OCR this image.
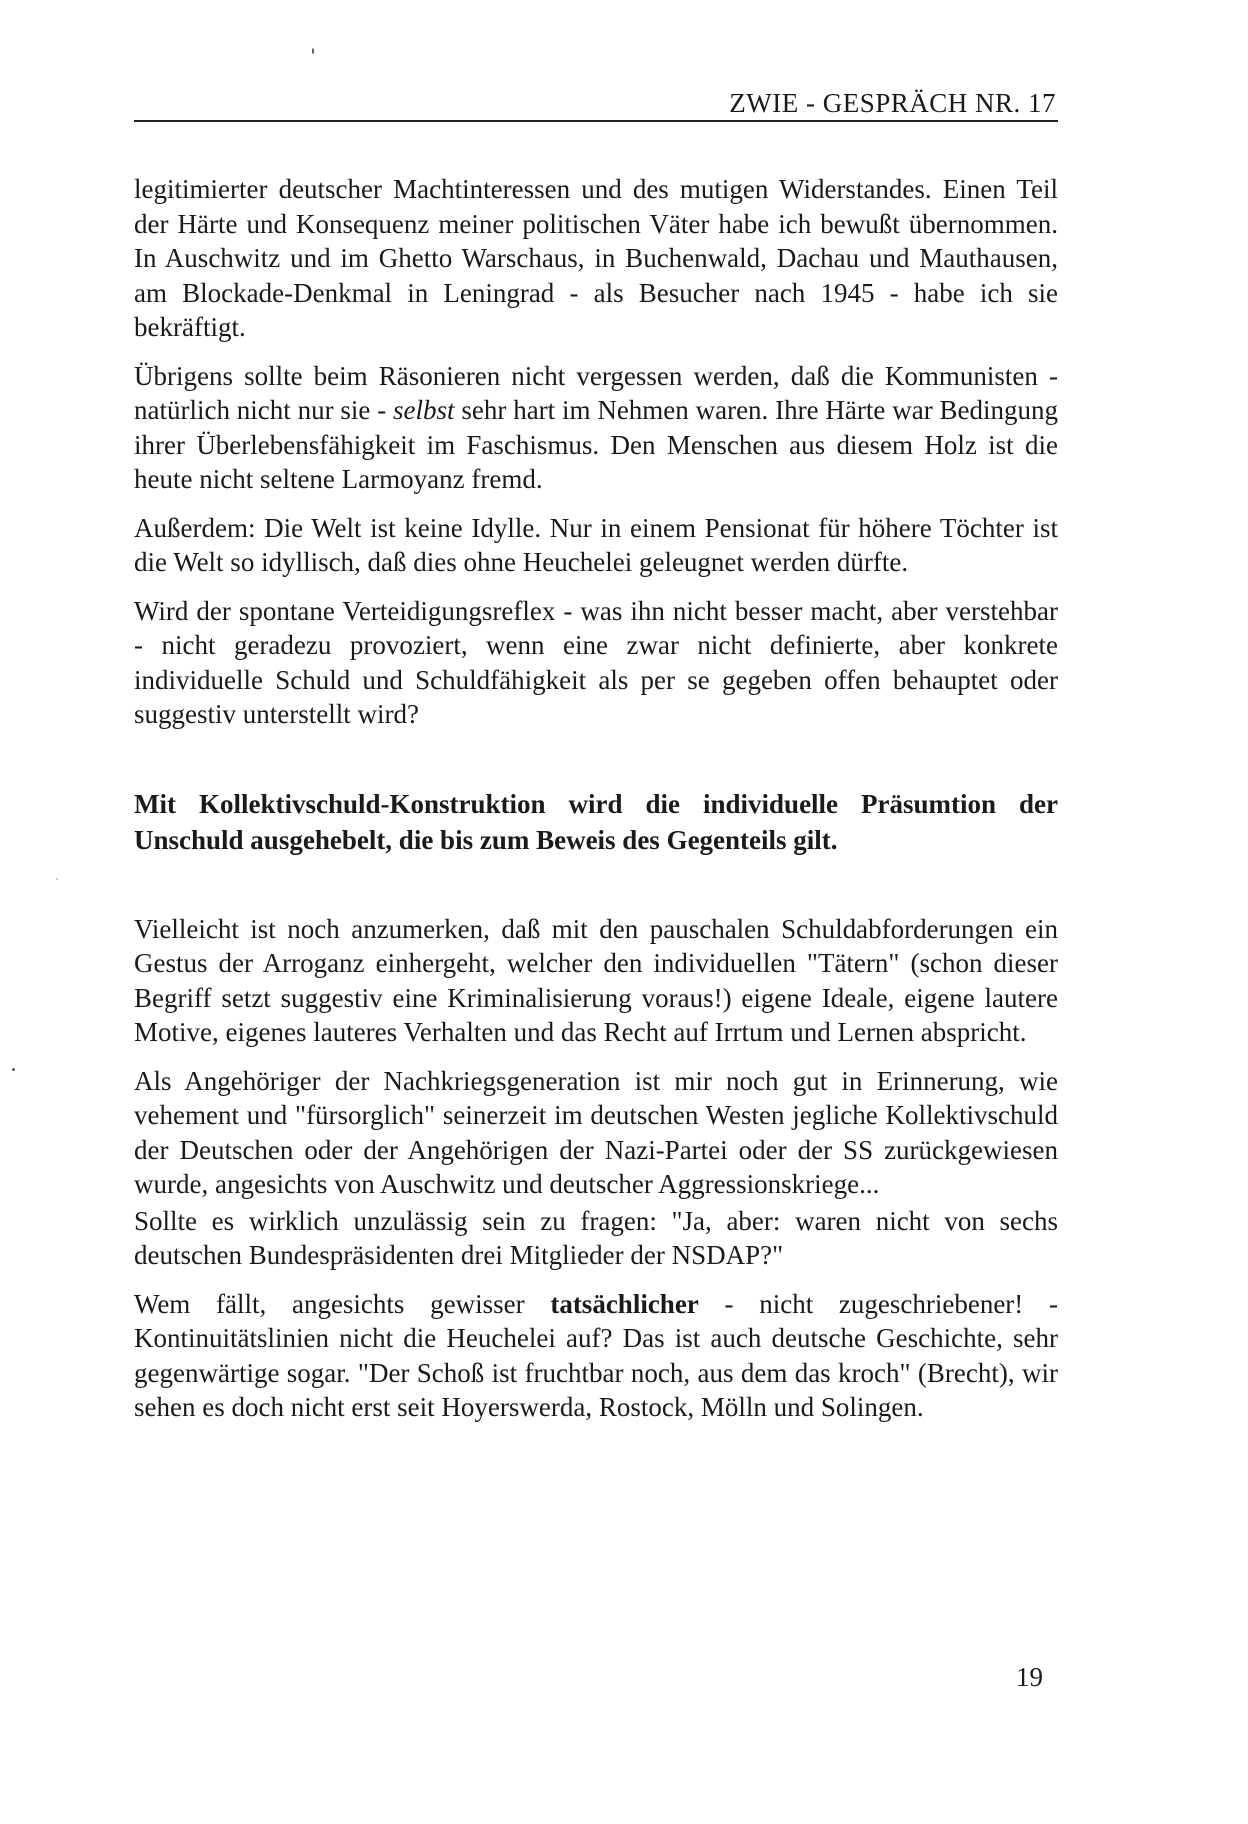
ZWIE - GESPRÄCH NR. 17

legitimierter deutscher Machtinteressen und des mutigen Widerstandes. Einen Teil der Härte und Konsequenz meiner politischen Väter habe ich bewußt übernommen. In Auschwitz und im Ghetto Warschaus, in Buchenwald, Dachau und Mauthausen, am Blockade-Denkmal in Leningrad - als Besucher nach 1945 - habe ich sie bekräftigt.

Übrigens sollte beim Räsonieren nicht vergessen werden, daß die Kommunisten - natürlich nicht nur sie - selbst sehr hart im Nehmen waren. Ihre Härte war Bedingung ihrer Überlebensfähigkeit im Faschismus. Den Menschen aus diesem Holz ist die heute nicht seltene Larmoyanz fremd.

Außerdem: Die Welt ist keine Idylle. Nur in einem Pensionat für höhere Töchter ist die Welt so idyllisch, daß dies ohne Heuchelei geleugnet werden dürfte.

Wird der spontane Verteidigungsreflex - was ihn nicht besser macht, aber verstehbar - nicht geradezu provoziert, wenn eine zwar nicht definierte, aber konkrete individuelle Schuld und Schuldfähigkeit als per se gegeben offen behauptet oder suggestiv unterstellt wird?

Mit Kollektivschuld-Konstruktion wird die individuelle Präsumtion der Unschuld ausgehebelt, die bis zum Beweis des Gegenteils gilt.

Vielleicht ist noch anzumerken, daß mit den pauschalen Schuldabforderungen ein Gestus der Arroganz einhergeht, welcher den individuellen "Tätern" (schon dieser Begriff setzt suggestiv eine Kriminalisierung voraus!) eigene Ideale, eigene lautere Motive, eigenes lauteres Verhalten und das Recht auf Irrtum und Lernen abspricht.

Als Angehöriger der Nachkriegsgeneration ist mir noch gut in Erinnerung, wie vehement und "fürsorglich" seinerzeit im deutschen Westen jegliche Kollektivschuld der Deutschen oder der Angehörigen der Nazi-Partei oder der SS zurückgewiesen wurde, angesichts von Auschwitz und deutscher Aggressionskriege...

Sollte es wirklich unzulässig sein zu fragen: "Ja, aber: waren nicht von sechs deutschen Bundespräsidenten drei Mitglieder der NSDAP?"

Wem fällt, angesichts gewisser tatsächlicher - nicht zugeschriebener! - Kontinuitätslinien nicht die Heuchelei auf? Das ist auch deutsche Geschichte, sehr gegenwärtige sogar. "Der Schoß ist fruchtbar noch, aus dem das kroch" (Brecht), wir sehen es doch nicht erst seit Hoyerswerda, Rostock, Mölln und Solingen.

19
